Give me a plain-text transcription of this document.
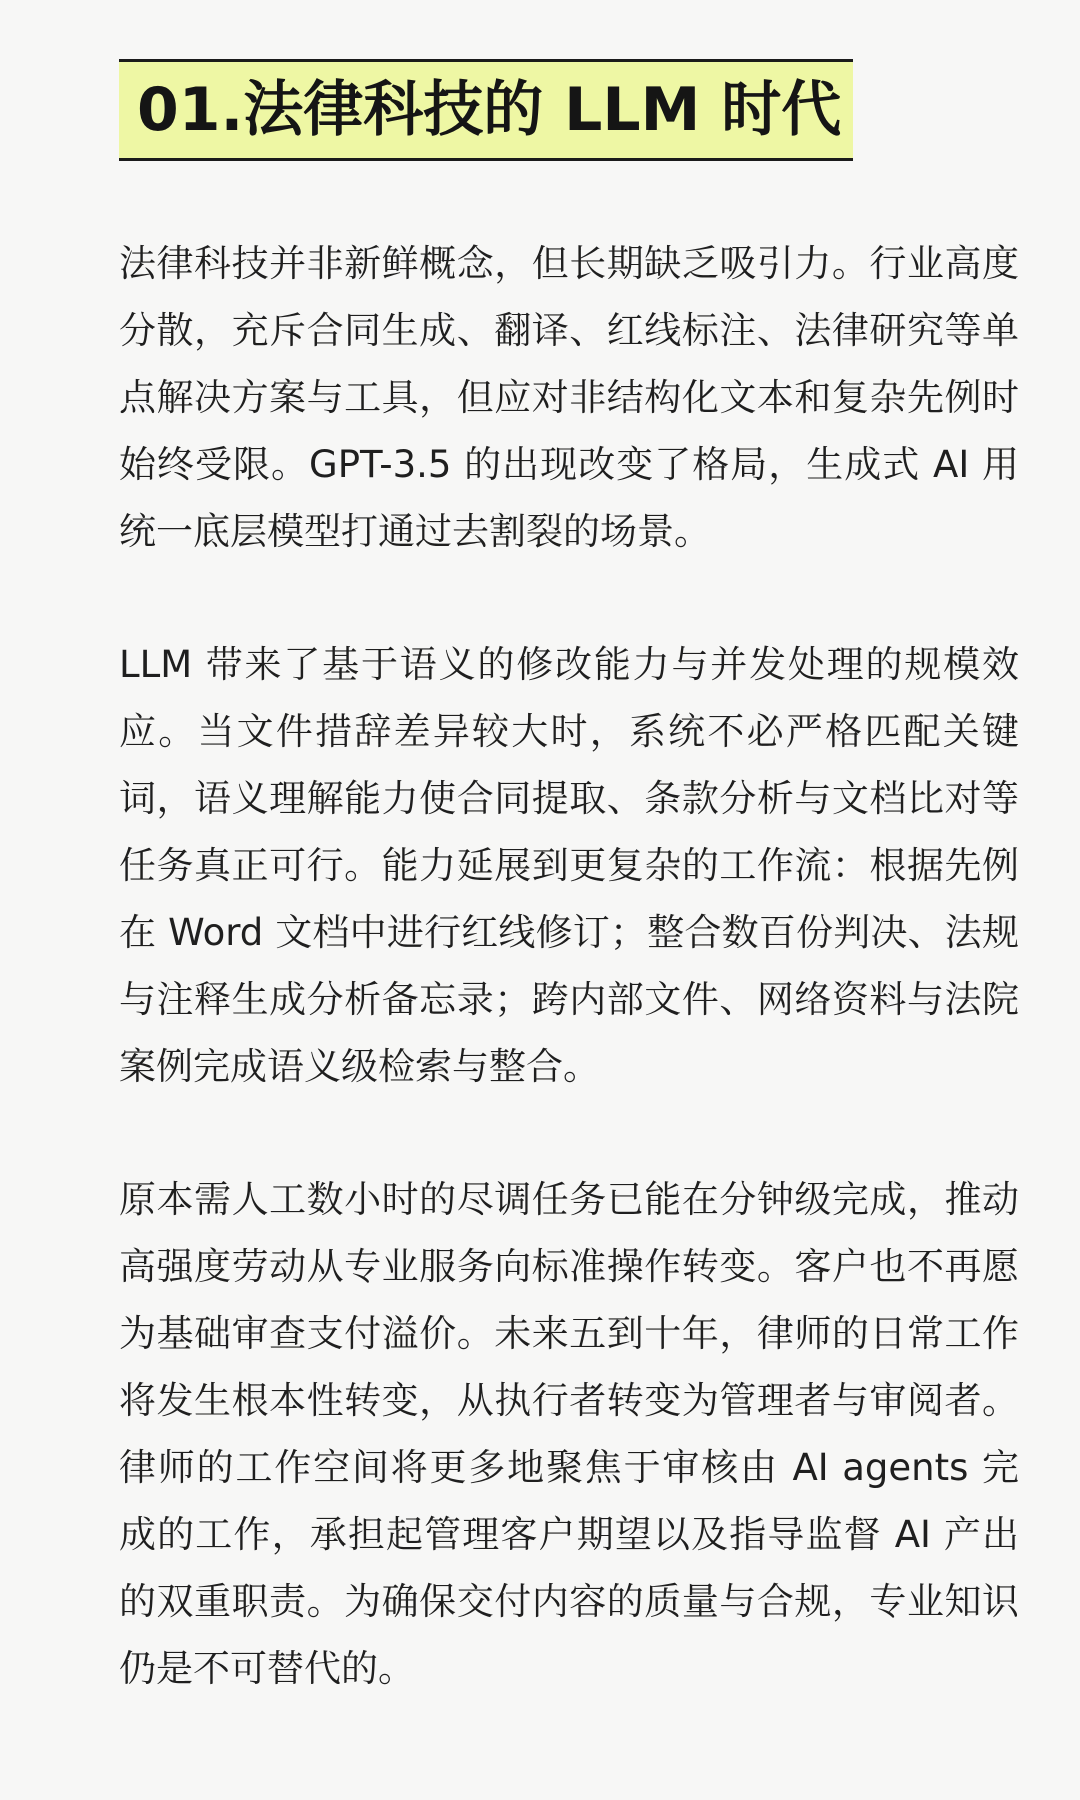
01.法律科技的 LLM 时代

法律科技并非新鲜概念，但长期缺乏吸引力。行业高度分散，充斥合同生成、翻译、红线标注、法律研究等单点解决方案与工具，但应对非结构化文本和复杂先例时始终受限。GPT-3.5 的出现改变了格局，生成式 AI 用统一底层模型打通过去割裂的场景。

LLM 带来了基于语义的修改能力与并发处理的规模效应。当文件措辞差异较大时，系统不必严格匹配关键词，语义理解能力使合同提取、条款分析与文档比对等任务真正可行。能力延展到更复杂的工作流：根据先例在 Word 文档中进行红线修订；整合数百份判决、法规与注释生成分析备忘录；跨内部文件、网络资料与法院案例完成语义级检索与整合。

原本需人工数小时的尽调任务已能在分钟级完成，推动高强度劳动从专业服务向标准操作转变。客户也不再愿为基础审查支付溢价。未来五到十年，律师的日常工作将发生根本性转变，从执行者转变为管理者与审阅者。律师的工作空间将更多地聚焦于审核由 AI agents 完成的工作，承担起管理客户期望以及指导监督 AI 产出的双重职责。为确保交付内容的质量与合规，专业知识仍是不可替代的。
